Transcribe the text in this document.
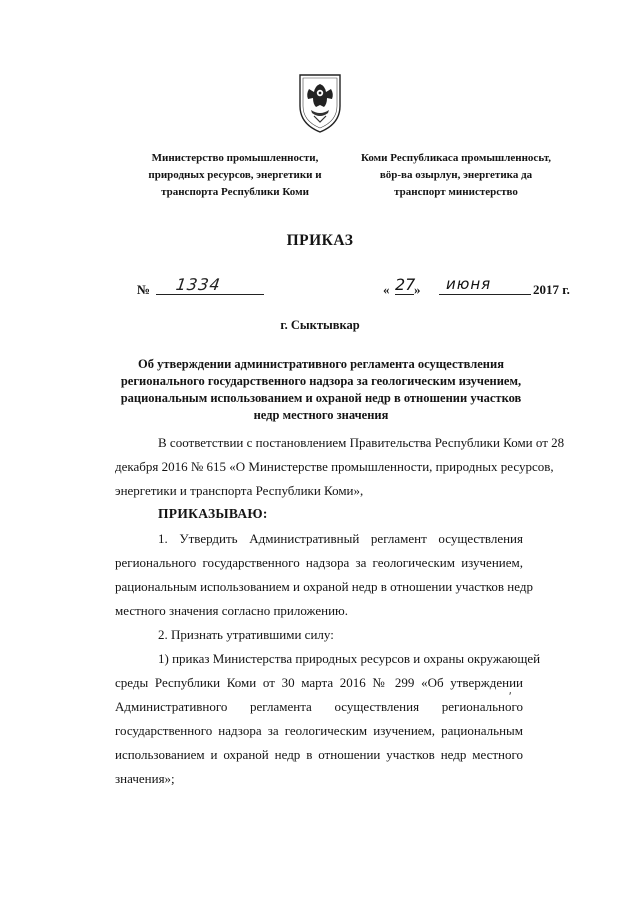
Министерство промышленности,
природных ресурсов, энергетики и
транспорта Республики Коми
Коми Республикаса промышленносьт,
вӧр-ва озырлун, энергетика да
транспорт министерство
ПРИКАЗ
№ 1334	« 27
» июня	2017 г.
г. Сыктывкар
Об утверждении административного регламента осуществления
регионального государственного надзора за геологическим изучением,
рациональным использованием и охраной недр в отношении участков
недр местного значения
В соответствии с постановлением Правительства Республики Коми от 28
декабря 2016 № 615 «О Министерстве промышленности, природных ресурсов,
энергетики и транспорта Республики Коми»,
ПРИКАЗЫВАЮ:
1. Утвердить Административный регламент осуществления
регионального государственного надзора за геологическим изучением,
рациональным использованием и охраной недр в отношении участков недр
местного значения согласно приложению.
2. Признать утратившими силу:
1) приказ Министерства природных ресурсов и охраны окружающей
среды Республики Коми от 30 марта 2016 № 299 «Об утверждении
Административного регламента осуществления регионального
государственного надзора за геологическим изучением, рациональным
использованием и охраной недр в отношении участков недр местного
значения»;
ʹ
